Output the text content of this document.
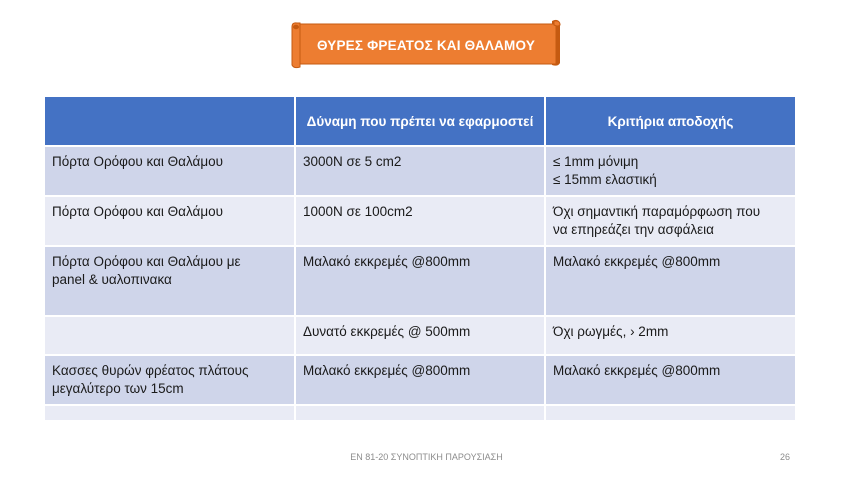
ΘΥΡΕΣ ΦΡΕΑΤΟΣ ΚΑΙ ΘΑΛΑΜΟΥ
	Δύναμη που πρέπει να εφαρμοστεί	Κριτήρια αποδοχής

Πόρτα Ορόφου και Θαλάμου	3000N σε 5 cm2	≤ 1mm μόνιμη
≤ 15mm ελαστική

Πόρτα Ορόφου και Θαλάμου	1000N σε 100cm2	Όχι σημαντική παραμόρφωση που
να επηρεάζει την ασφάλεια

Πόρτα Ορόφου και Θαλάμου με
panel & υαλοπινακα	Μαλακό εκκρεμές @800mm	Μαλακό εκκρεμές @800mm

	Δυνατό εκκρεμές @ 500mm	Όχι ρωγμές, › 2mm

Κασσες θυρών φρέατος πλάτους
μεγαλύτερο των 15cm	Μαλακό εκκρεμές @800mm	Μαλακό εκκρεμές @800mm

ΕΝ 81-20 ΣΥΝΟΠΤΙΚΗ ΠΑΡΟΥΣΙΑΣΗ	26
